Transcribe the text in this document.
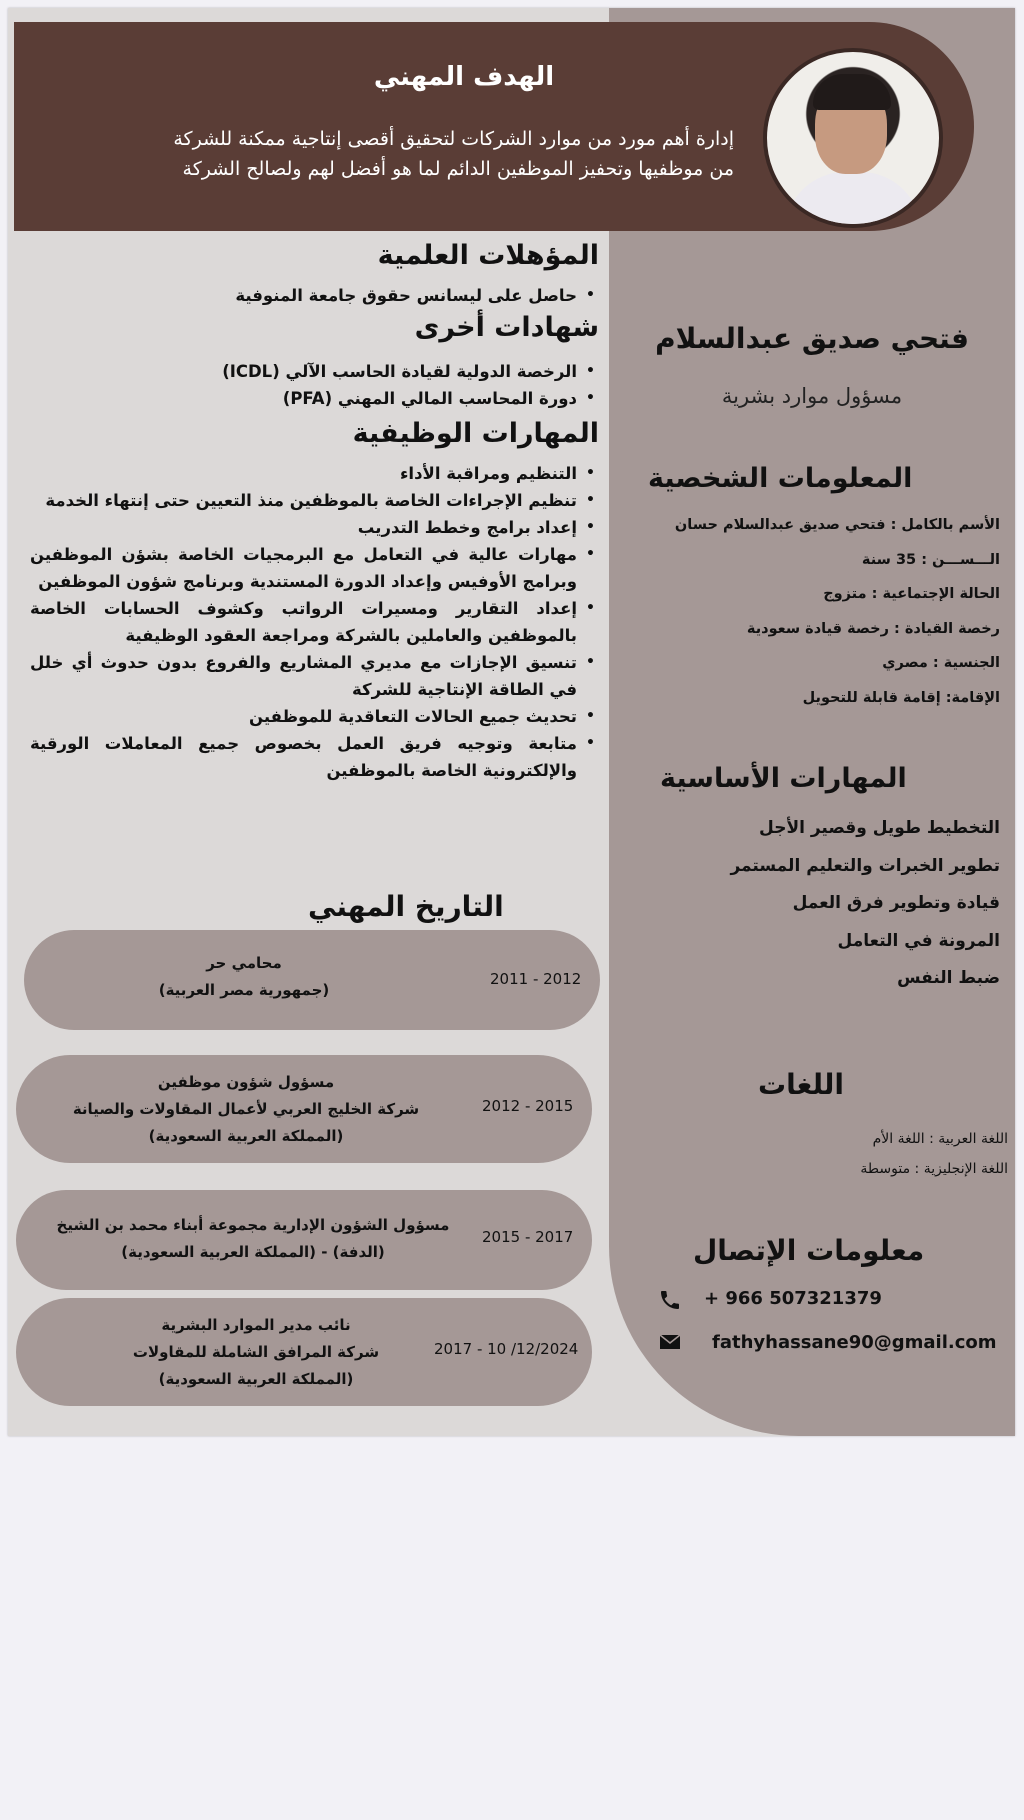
الهدف المهني

إدارة أهم مورد من موارد الشركات لتحقيق أقصى إنتاجية ممكنة للشركة
من موظفيها وتحفيز الموظفين الدائم لما هو أفضل لهم ولصالح الشركة

المؤهلات العلمية
• حاصل على ليسانس حقوق جامعة المنوفية
شهادات أخرى
• الرخصة الدولية لقيادة الحاسب الآلي (ICDL)
• دورة المحاسب المالي المهني (PFA)
المهارات الوظيفية
• التنظيم ومراقبة الأداء
• تنظيم الإجراءات الخاصة بالموظفين منذ التعيين حتى إنتهاء الخدمة
• إعداد برامج وخطط التدريب
• مهارات عالية في التعامل مع البرمجيات الخاصة بشؤن الموظفين وبرامج الأوفيس وإعداد الدورة المستندية وبرنامج شؤون الموظفين
• إعداد التقارير ومسيرات الرواتب وكشوف الحسابات الخاصة بالموظفين والعاملين بالشركة ومراجعة العقود الوظيفية
• تنسيق الإجازات مع مديري المشاريع والفروع بدون حدوث أي خلل في الطاقة الإنتاجية للشركة
• تحديث جميع الحالات التعاقدية للموظفين
• متابعة وتوجيه فريق العمل بخصوص جميع المعاملات الورقية والإلكترونية الخاصة بالموظفين
التاريخ المهني
2011 - 2012
محامي حر
(جمهورية مصر العربية)
2012 - 2015
مسؤول شؤون موظفين
شركة الخليج العربي لأعمال المقاولات والصيانة
(المملكة العربية السعودية)
2015 - 2017
مسؤول الشؤون الإدارية مجموعة أبناء محمد بن الشيخ
(الدفة) - (المملكة العربية السعودية)
2017 - 10 /12/2024
نائب مدير الموارد البشرية
شركة المرافق الشاملة للمقاولات
(المملكة العربية السعودية)
فتحي صديق عبدالسلام

مسؤول موارد بشرية

المعلومات الشخصية
الأسم بالكامل : فتحي صديق عبدالسلام حسان
الـــســـن : 35 سنة
الحالة الإجتماعية : متزوج
رخصة القيادة : رخصة قيادة سعودية
الجنسية : مصري
الإقامة: إقامة قابلة للتحويل
المهارات الأساسية
التخطيط طويل وقصير الأجل
تطوير الخبرات والتعليم المستمر
قيادة وتطوير فرق العمل
المرونة في التعامل
ضبط النفس
اللغات
اللغة العربية : اللغة الأم
اللغة الإنجليزية : متوسطة
معلومات الإتصال
+ 966 507321379
fathyhassane90@gmail.com
